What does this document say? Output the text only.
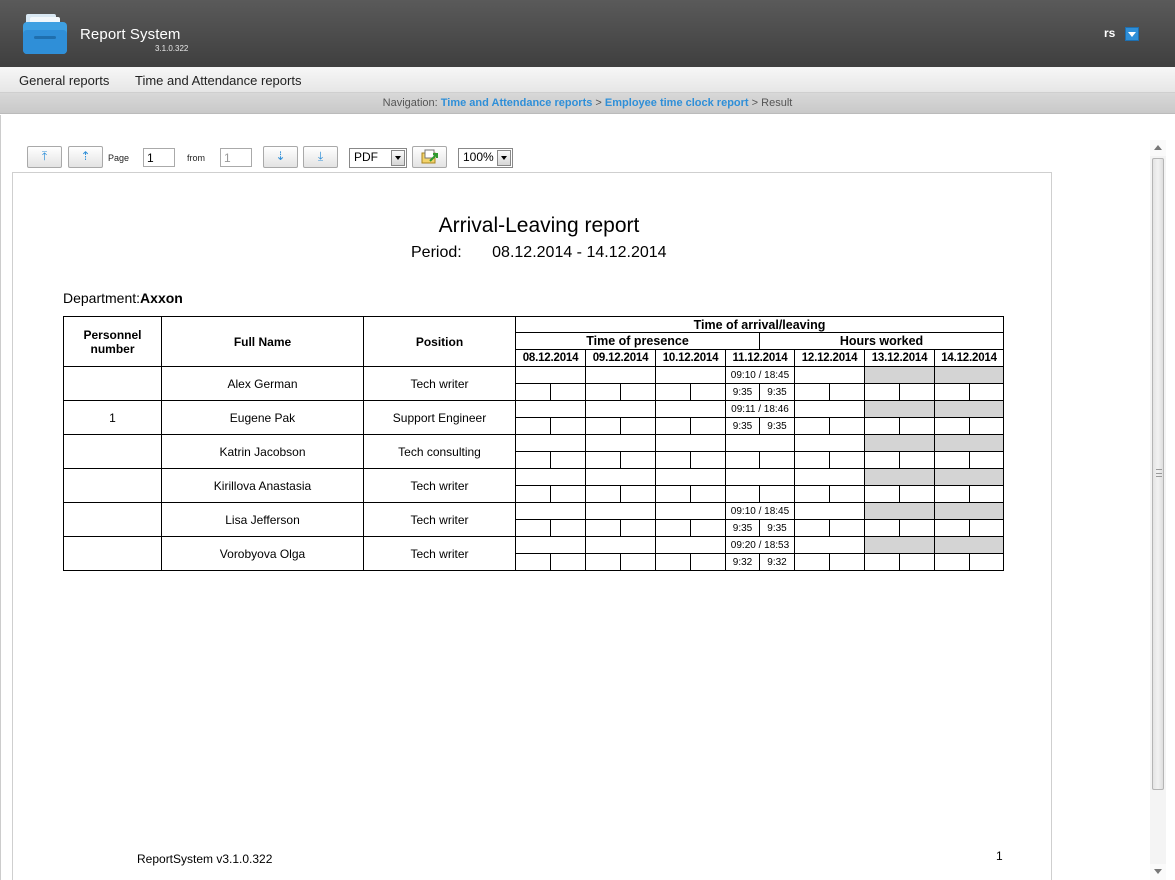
Report System
3.1.0.322
rs
General reports Time and Attendance reports
Navigation: Time and Attendance reports > Employee time clock report > Result
⤒	⇡	Page
1	from
1	⇣	⤓	PDF	100%
Arrival-Leaving report
Period: 08.12.2014 - 14.12.2014
Department:Axxon
Personnel number	Full Name	Position	Time of arrival/leaving													
			Time of presence							Hours worked						
			08.12.2014		09.12.2014		10.12.2014		11.12.2014		12.12.2014		13.12.2014		14.12.2014	
	Alex German	Tech writer							09:10 / 18:45							
									9:35	9:35						
1	Eugene Pak	Support Engineer							09:11 / 18:46							
									9:35	9:35						
	Katrin Jacobson	Tech consulting														

	Kirillova Anastasia	Tech writer														

	Lisa Jefferson	Tech writer							09:10 / 18:45							
									9:35	9:35						
	Vorobyova Olga	Tech writer							09:20 / 18:53							
									9:32	9:32						
ReportSystem v3.1.0.322	1
